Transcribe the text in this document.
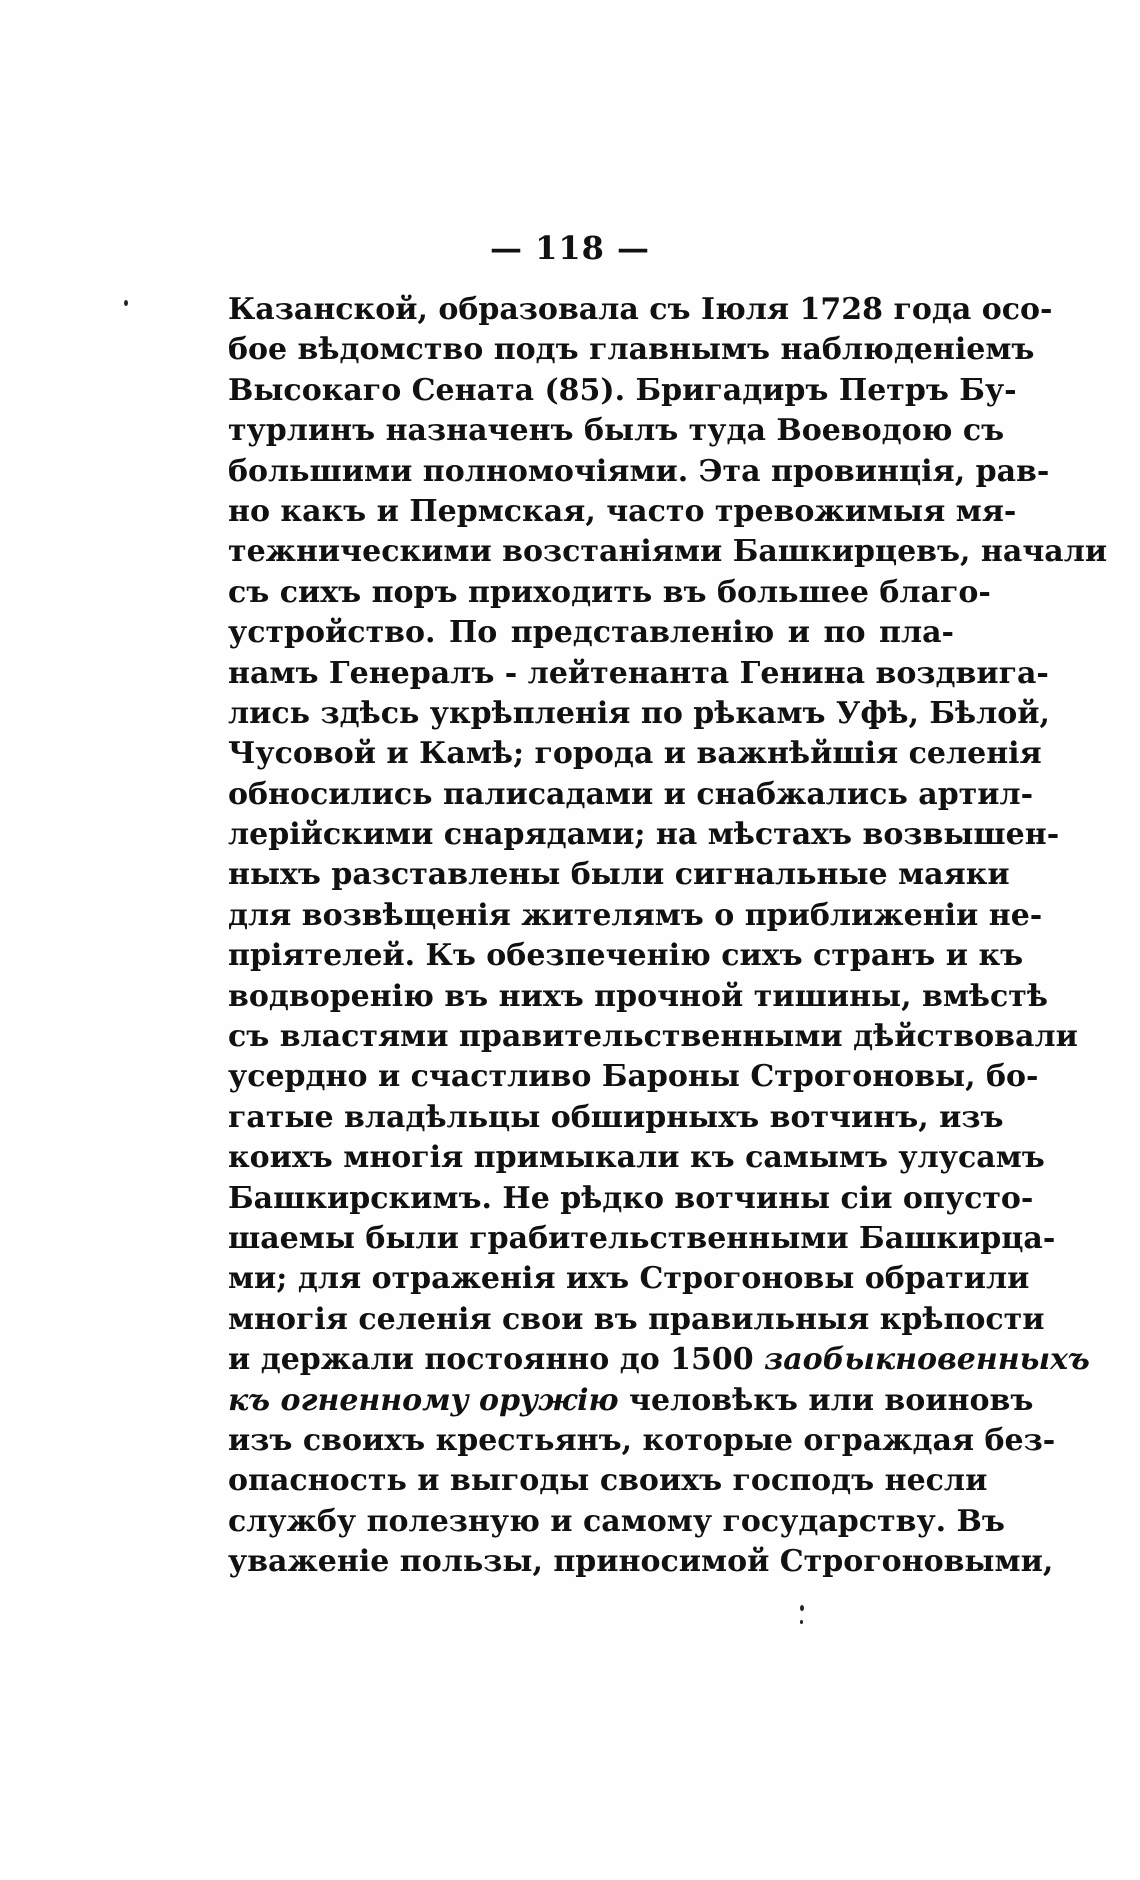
— 118 —
Казанской, образовала съ Іюля 1728 года осо-
бое вѣдомство подъ главнымъ наблюденіемъ
Высокаго Сената (85). Бригадиръ Петръ Бу-
турлинъ назначенъ былъ туда Воеводою съ
большими полномочіями. Эта провинція, рав-
но какъ и Пермская, часто тревожимыя мя-
тежническими возстаніями Башкирцевъ, начали
съ сихъ поръ приходить въ большее благо-
устройство. По представленію и по пла-
намъ Генералъ - лейтенанта Генина воздвига-
лись здѣсь укрѣпленія по рѣкамъ Уфѣ, Бѣлой,
Чусовой и Камѣ; города и важнѣйшія селенія
обносились палисадами и снабжались артил-
лерійскими снарядами; на мѣстахъ возвышен-
ныхъ разставлены были сигнальные маяки
для возвѣщенія жителямъ о приближеніи не-
пріятелей. Къ обезпеченію сихъ странъ и къ
водворенію въ нихъ прочной тишины, вмѣстѣ
съ властями правительственными дѣйствовали
усердно и счастливо Бароны Строгоновы, бо-
гатые владѣльцы обширныхъ вотчинъ, изъ
коихъ многія примыкали къ самымъ улусамъ
Башкирскимъ. Не рѣдко вотчины сіи опусто-
шаемы были грабительственными Башкирца-
ми; для отраженія ихъ Строгоновы обратили
многія селенія свои въ правильныя крѣпости
и держали постоянно до 1500 заобыкновенныхъ
къ огненному оружію человѣкъ или воиновъ
изъ своихъ крестьянъ, которые ограждая без-
опасность и выгоды своихъ господъ несли
службу полезную и самому государству. Въ
уваженіе пользы, приносимой Строгоновыми,
